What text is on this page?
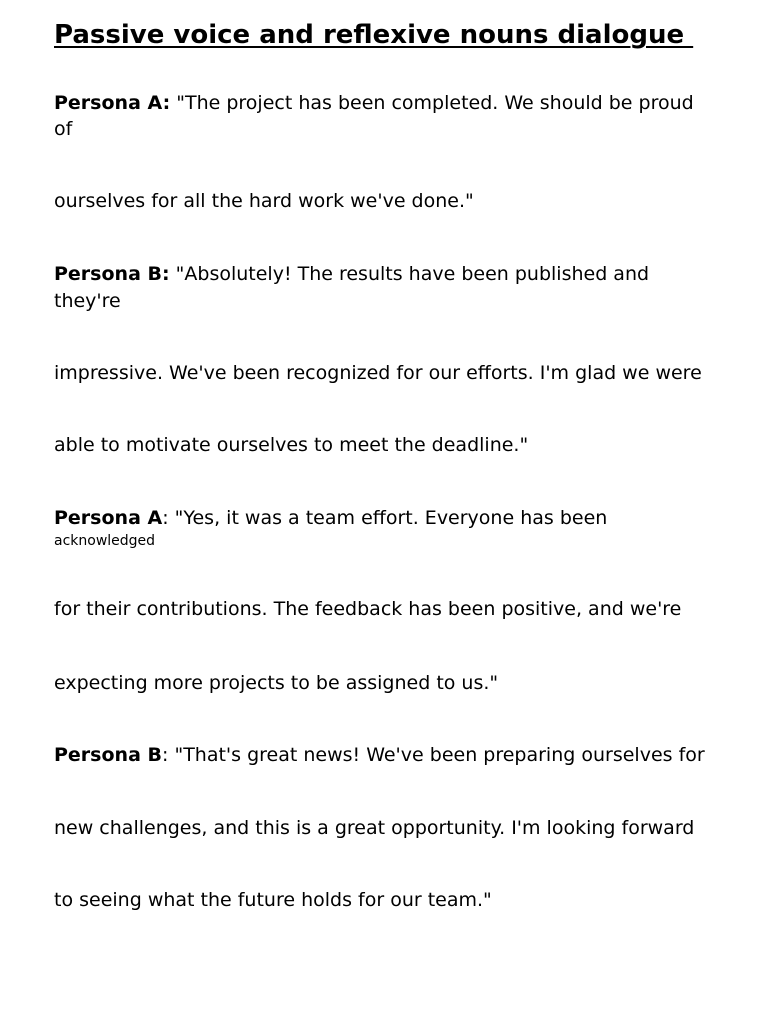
Passive voice and reflexive nouns dialogue
Persona A: "The project has been completed. We should be proud
of
ourselves for all the hard work we've done."
Persona B: "Absolutely! The results have been published and
they're
impressive. We've been recognized for our efforts. I'm glad we were
able to motivate ourselves to meet the deadline."
Persona A: "Yes, it was a team effort. Everyone has been
acknowledged
for their contributions. The feedback has been positive, and we're
expecting more projects to be assigned to us."
Persona B: "That's great news! We've been preparing ourselves for
new challenges, and this is a great opportunity. I'm looking forward
to seeing what the future holds for our team."
